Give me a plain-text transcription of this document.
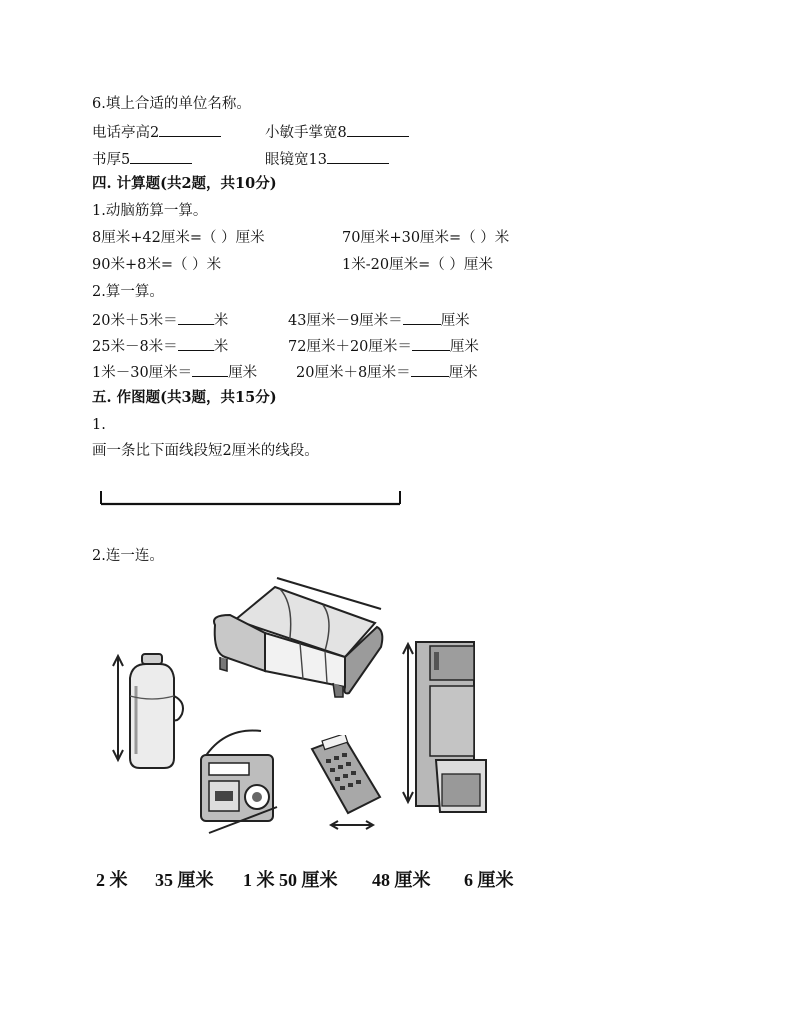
6.填上合适的单位名称。
电话亭高2	小敏手掌宽8
书厚5	眼镜宽13
四. 计算题(共2题，共10分)
1.动脑筋算一算。
8厘米+42厘米=（ ）厘米	70厘米+30厘米=（ ）米
90米+8米=（ ）米	1米-20厘米=（ ）厘米
2.算一算。
20米＋5米＝ 米	43厘米－9厘米＝	厘米
25米－8米＝ 米	72厘米＋20厘米＝	厘米
1米－30厘米＝ 厘米	20厘米＋8厘米＝	厘米
五. 作图题(共3题，共15分)
1.
画一条比下面线段短2厘米的线段。
2.连一连。
2 米 35 厘米 1 米 50 厘米 48 厘米 6 厘米
